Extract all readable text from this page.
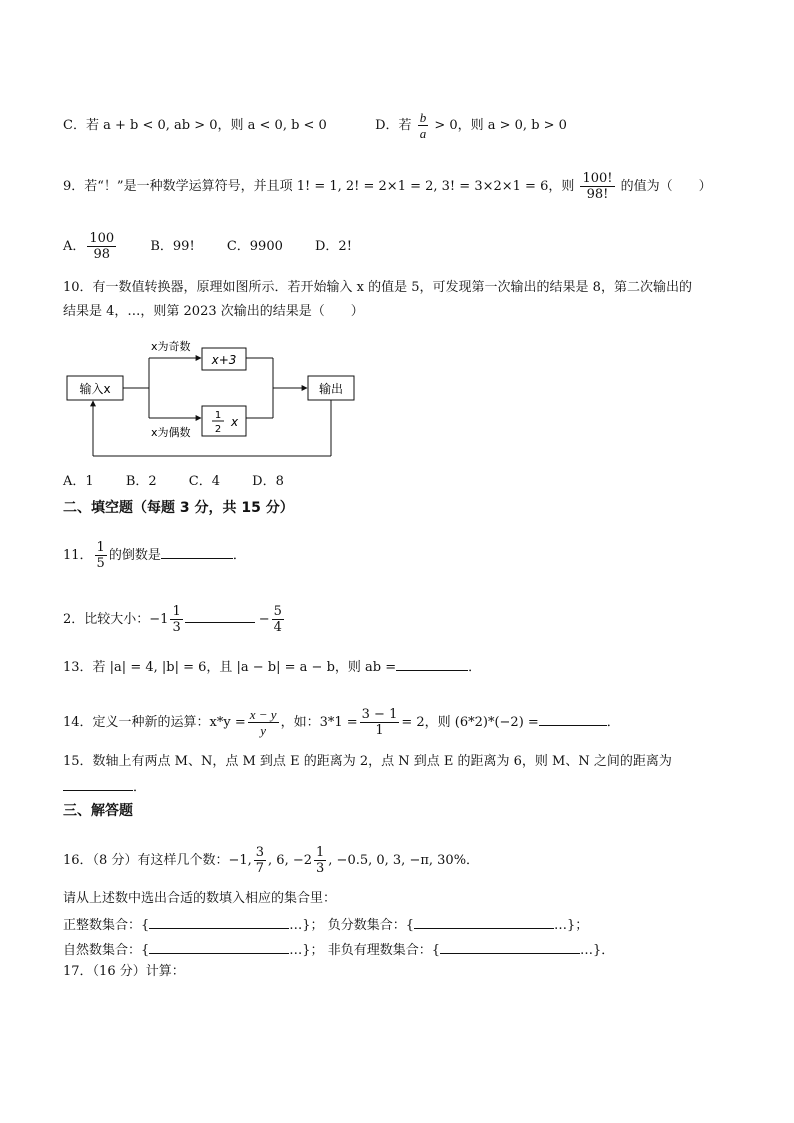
C．若 a + b < 0, ab > 0，则 a < 0, b < 0	D．若 $\frac{b}{a} > 0$，则 a > 0, b > 0
9．若“！”是一种数学运算符号，并且项 1! = 1, 2! = 2×1 = 2, 3! = 3×2×1 = 6，则 $\frac{100!}{98!}$ 的值为（　　）
A． $\frac{100}{98}$	B．99! C．9900 D．2!
10．有一数值转换器，原理如图所示．若开始输入 x 的值是 5，可发现第一次输出的结果是 8，第二次输出的
结果是 4，…，则第 2023 次输出的结果是（　　）
输入x
x为奇数
x为偶数
x+3
1
2
x
输出
A．1 B．2 C．4 D．8
二、填空题（每题 3 分，共 15 分）
11． $\frac{1}{5}$ 的倒数是	．
2．比较大小：$-1 \frac{1}{3}$	− $\frac{5}{4}$
13．若 |a| = 4, |b| = 6，且 |a − b| = a − b，则 ab =	．
14．定义一种新的运算：$x*y = \frac{x - y}{y}$ ，如：$3*1 = \frac{3 - 1}{1} = 2$，则 (6*2)*(−2) =	．
15．数轴上有两点 M、N，点 M 到点 E 的距离为 2，点 N 到点 E 的距离为 6，则 M、N 之间的距离为
．
三、解答题
16．（8 分）有这样几个数：−1, $\frac{3}{7}$ , 6, $-2 \frac{1}{3}$ , −0.5, 0, 3, −π, 30%．
请从上述数中选出合适的数填入相应的集合里：
正整数集合：{	…}； 负分数集合：{	…}；
自然数集合：{	…}； 非负有理数集合：{	…}．
17．（16 分）计算：
